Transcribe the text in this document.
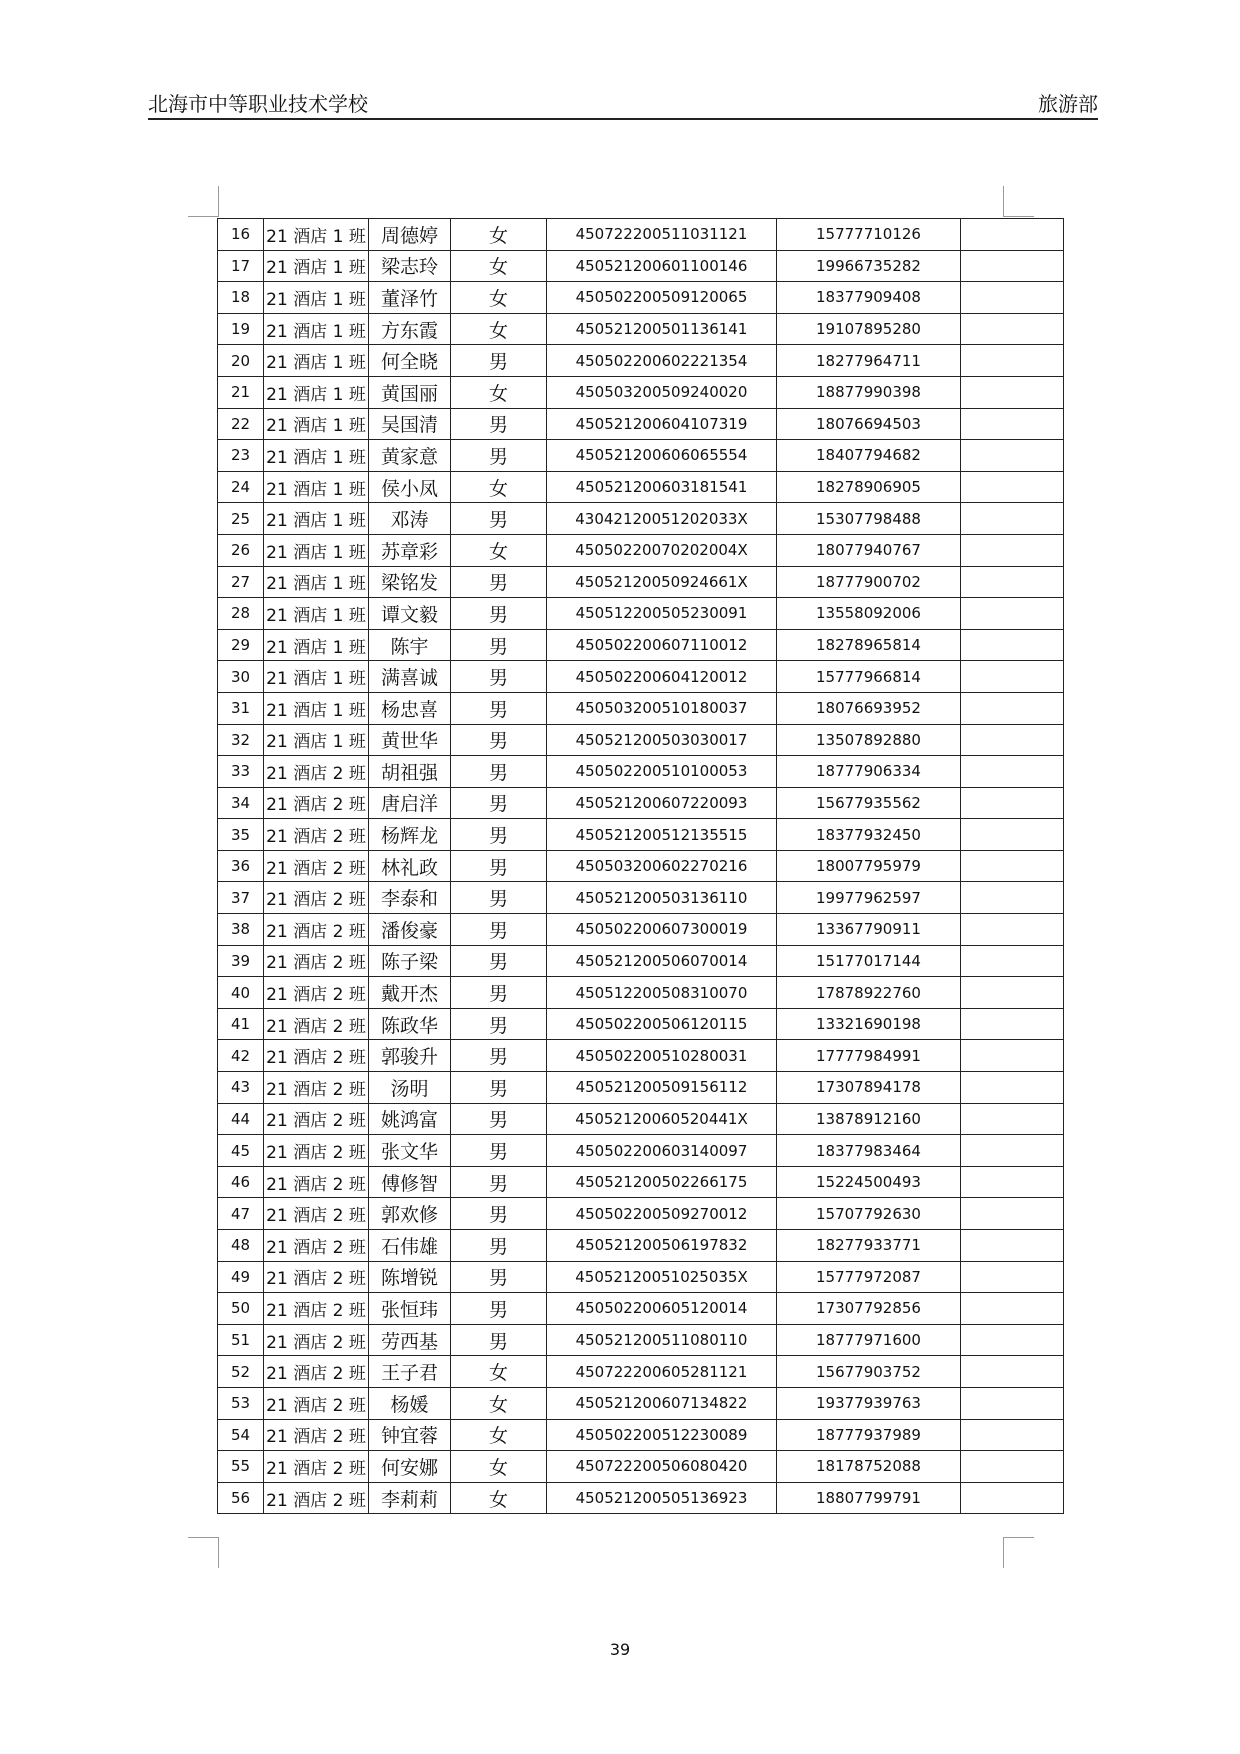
北海市中等职业技术学校	旅游部
16	21 酒店 1 班	周德婷	女	450722200511031121	15777710126	
17	21 酒店 1 班	梁志玲	女	450521200601100146	19966735282	
18	21 酒店 1 班	董泽竹	女	450502200509120065	18377909408	
19	21 酒店 1 班	方东霞	女	450521200501136141	19107895280	
20	21 酒店 1 班	何全晓	男	450502200602221354	18277964711	
21	21 酒店 1 班	黄国丽	女	450503200509240020	18877990398	
22	21 酒店 1 班	吴国清	男	450521200604107319	18076694503	
23	21 酒店 1 班	黄家意	男	450521200606065554	18407794682	
24	21 酒店 1 班	侯小凤	女	450521200603181541	18278906905	
25	21 酒店 1 班	邓涛	男	43042120051202033X	15307798488	
26	21 酒店 1 班	苏章彩	女	45050220070202004X	18077940767	
27	21 酒店 1 班	梁铭发	男	45052120050924661X	18777900702	
28	21 酒店 1 班	谭文毅	男	450512200505230091	13558092006	
29	21 酒店 1 班	陈宇	男	450502200607110012	18278965814	
30	21 酒店 1 班	满喜诚	男	450502200604120012	15777966814	
31	21 酒店 1 班	杨忠喜	男	450503200510180037	18076693952	
32	21 酒店 1 班	黄世华	男	450521200503030017	13507892880	
33	21 酒店 2 班	胡祖强	男	450502200510100053	18777906334	
34	21 酒店 2 班	唐启洋	男	450521200607220093	15677935562	
35	21 酒店 2 班	杨辉龙	男	450521200512135515	18377932450	
36	21 酒店 2 班	林礼政	男	450503200602270216	18007795979	
37	21 酒店 2 班	李泰和	男	450521200503136110	19977962597	
38	21 酒店 2 班	潘俊豪	男	450502200607300019	13367790911	
39	21 酒店 2 班	陈子梁	男	450521200506070014	15177017144	
40	21 酒店 2 班	戴开杰	男	450512200508310070	17878922760	
41	21 酒店 2 班	陈政华	男	450502200506120115	13321690198	
42	21 酒店 2 班	郭骏升	男	450502200510280031	17777984991	
43	21 酒店 2 班	汤明	男	450521200509156112	17307894178	
44	21 酒店 2 班	姚鸿富	男	45052120060520441X	13878912160	
45	21 酒店 2 班	张文华	男	450502200603140097	18377983464	
46	21 酒店 2 班	傅修智	男	450521200502266175	15224500493	
47	21 酒店 2 班	郭欢修	男	450502200509270012	15707792630	
48	21 酒店 2 班	石伟雄	男	450521200506197832	18277933771	
49	21 酒店 2 班	陈增锐	男	45052120051025035X	15777972087	
50	21 酒店 2 班	张恒玮	男	450502200605120014	17307792856	
51	21 酒店 2 班	劳西基	男	450521200511080110	18777971600	
52	21 酒店 2 班	王子君	女	450722200605281121	15677903752	
53	21 酒店 2 班	杨媛	女	450521200607134822	19377939763	
54	21 酒店 2 班	钟宜蓉	女	450502200512230089	18777937989	
55	21 酒店 2 班	何安娜	女	450722200506080420	18178752088	
56	21 酒店 2 班	李莉莉	女	450521200505136923	18807799791	
39
